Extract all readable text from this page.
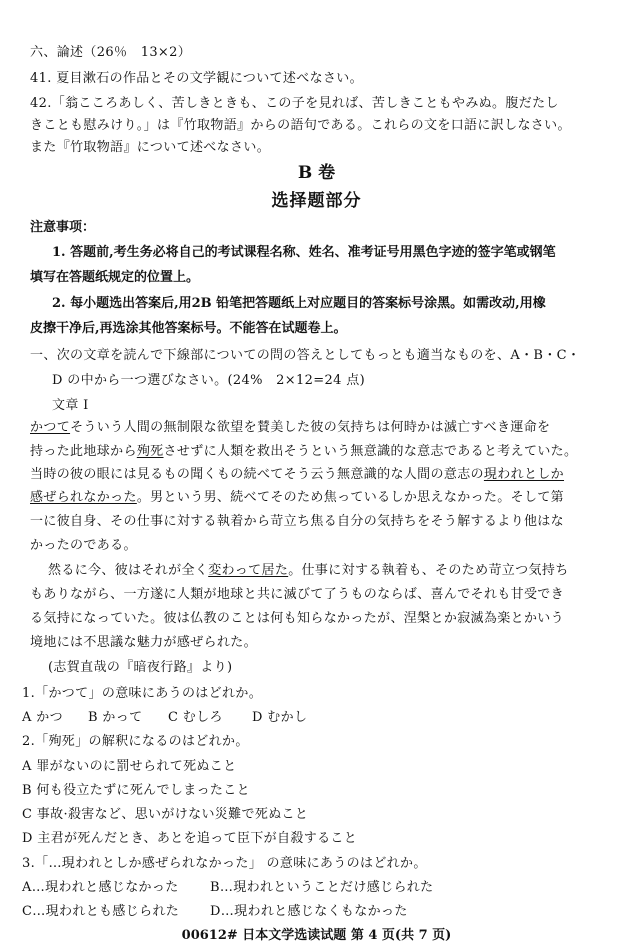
六、論述（26％　13×2）
41. 夏目漱石の作品とその文学観について述べなさい。
42.「翁こころあしく、苦しきときも、この子を見れば、苦しきこともやみぬ。腹だたし
きことも慰みけり。」は『竹取物語』からの語句である。これらの文を口語に訳しなさい。
また『竹取物語』について述べなさい。
B 卷
选择题部分
注意事项：
1. 答题前,考生务必将自己的考试课程名称、姓名、准考证号用黑色字迹的签字笔或钢笔
填写在答题纸规定的位置上。
2. 每小题选出答案后,用2B 铅笔把答题纸上对应题目的答案标号涂黑。如需改动,用橡
皮擦干净后,再选涂其他答案标号。不能答在试题卷上。
一、次の文章を読んで下線部についての問の答えとしてもっとも適当なものを、A・B・C・
D の中から一つ選びなさい。(24%　2×12=24 点)
文章 I
かつてそういう人間の無制限な欲望を賛美した彼の気持ちは何時かは滅亡すべき運命を
持った此地球から殉死させずに人類を救出そうという無意識的な意志であると考えていた。
当時の彼の眼には見るもの聞くもの続べてそう云う無意識的な人間の意志の現われとしか
感ぜられなかった。男という男、続べてそのため焦っているしか思えなかった。そして第
一に彼自身、その仕事に対する執着から苛立ち焦る自分の気持ちをそう解するより他はな
かったのである。
然るに今、彼はそれが全く変わって居た。仕事に対する執着も、そのため苛立つ気持ち
もありながら、一方遂に人類が地球と共に滅びて了うものならば、喜んでそれも甘受でき
る気持になっていた。彼は仏教のことは何も知らなかったが、涅槃とか寂滅為楽とかいう
境地には不思議な魅力が感ぜられた。
(志賀直哉の『暗夜行路』より)
1.「かつて」の意味にあうのはどれか。
A かつ B かって C むしろ D むかし
2.「殉死」の解釈になるのはどれか。
A 罪がないのに罰せられて死ぬこと
B 何も役立たずに死んでしまったこと
C 事故·殺害など、思いがけない災難で死ぬこと
D 主君が死んだとき、あとを追って臣下が自殺すること
3.「…現われとしか感ぜられなかった」 の意味にあうのはどれか。
A…現われと感じなかった B…現われということだけ感じられた
C…現われとも感じられた D…現われと感じなくもなかった
00612# 日本文学选读试题 第 4 页(共 7 页)
